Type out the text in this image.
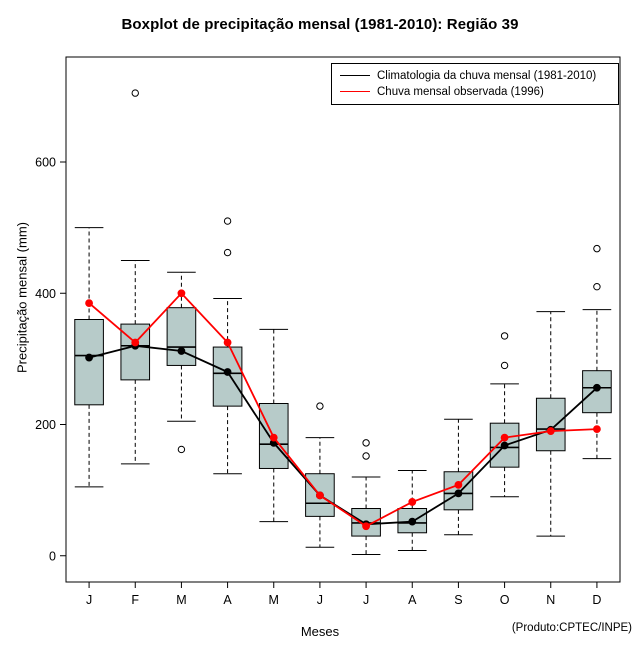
Boxplot de precipitação mensal (1981-2010): Região 39
Precipitação mensal (mm)
Meses	(Produto:CPTEC/INPE)
0
200
400
600
J	F	M	A	M	J	J	A	S	O	N	D
Climatologia da chuva mensal (1981-2010)
Chuva mensal observada (1996)
